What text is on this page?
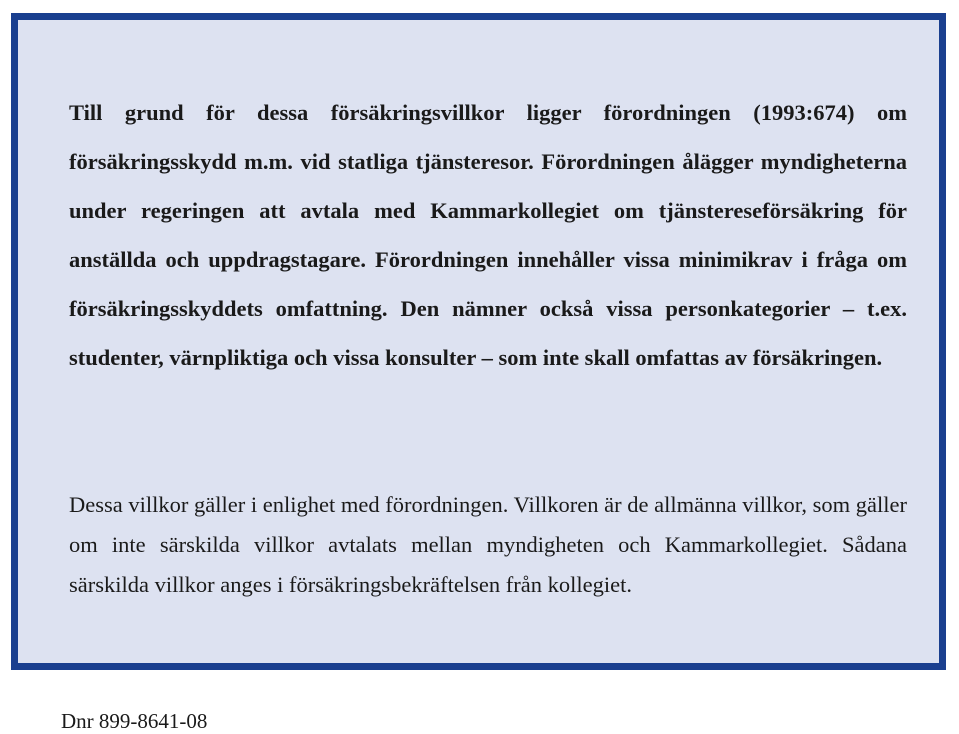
Till grund för dessa försäkringsvillkor ligger förordningen (1993:674) om försäkringsskydd m.m. vid statliga tjänsteresor. Förordningen ålägger myndigheterna under regeringen att avtala med Kammarkollegiet om tjänstereseförsäkring för anställda och uppdragstagare. Förordningen innehåller vissa minimikrav i fråga om försäkringsskyddets omfattning. Den nämner också vissa personkategorier – t.ex. studenter, värnpliktiga och vissa konsulter – som inte skall omfattas av försäkringen.

Dessa villkor gäller i enlighet med förordningen. Villkoren är de allmänna villkor, som gäller om inte särskilda villkor avtalats mellan myndigheten och Kammarkollegiet. Sådana särskilda villkor anges i försäkringsbekräftelsen från kollegiet.

Dnr 899-8641-08
